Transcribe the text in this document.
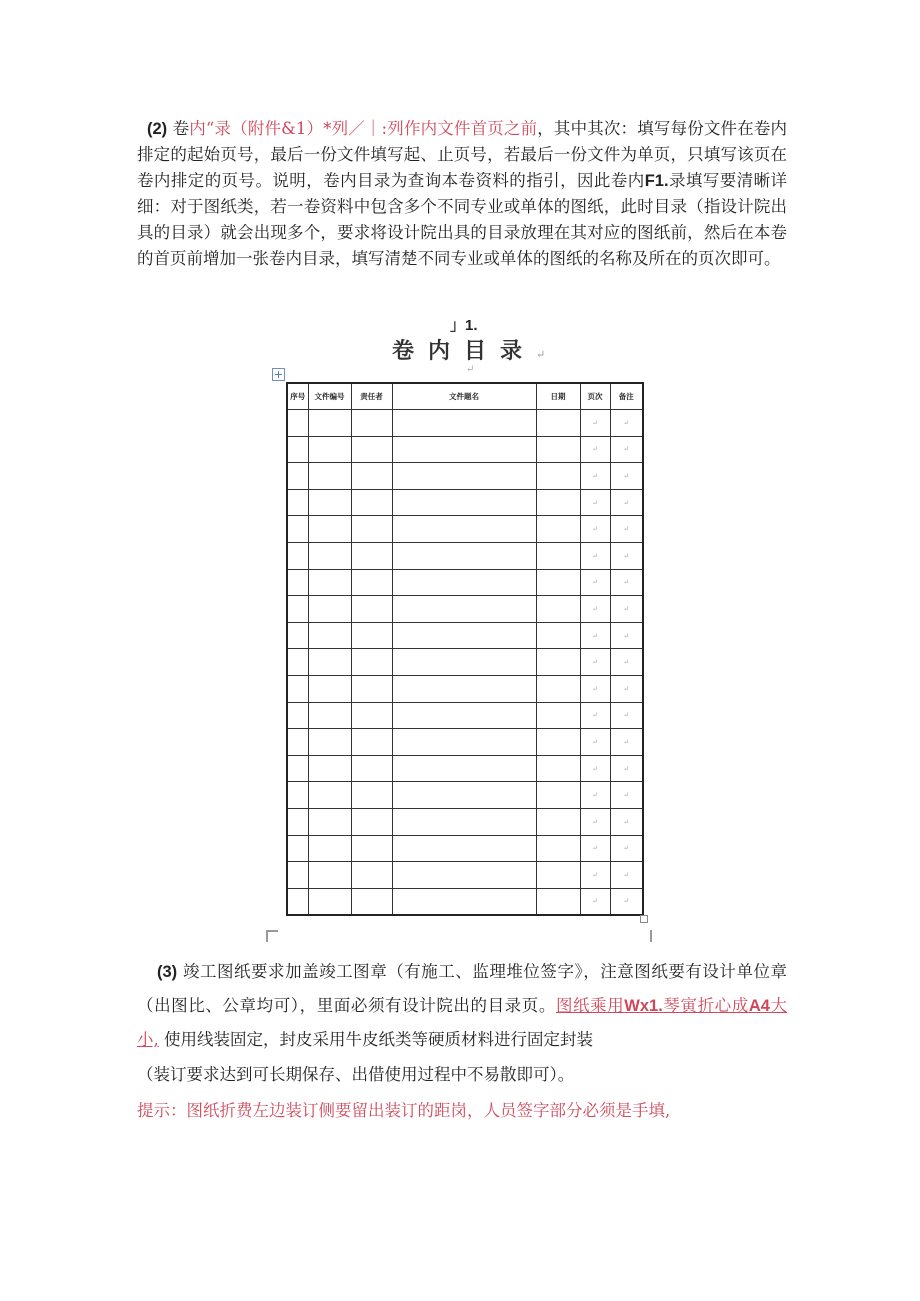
(2) 卷内“录（附件&1）*列／｜:列作内文件首页之前，其中其次：填写每份文件在卷内排定的起始页号，最后一份文件填写起、止页号，若最后一份文件为单页，只填写该页在卷内排定的页号。说明，卷内目录为查询本卷资料的指引，因此卷内F1.录填写要清晰详细：对于图纸类，若一卷资料中包含多个不同专业或单体的图纸，此时目录（指设计院出具的目录）就会出现多个，要求将设计院出具的目录放理在其对应的图纸前，然后在本卷的首页前增加一张卷内目录，填写清楚不同专业或单体的图纸的名称及所在的页次即可。
」1.
卷内目录↵
↵
+
序号	文件编号	责任者	文件题名	日期	页次	备注
					↵	↵
					↵	↵
					↵	↵
					↵	↵
					↵	↵
					↵	↵
					↵	↵
					↵	↵
					↵	↵
					↵	↵
					↵	↵
					↵	↵
					↵	↵
					↵	↵
					↵	↵
					↵	↵
					↵	↵
					↵	↵
					↵	↵
(3) 竣工图纸要求加盖竣工图章（有施工、监理堆位签字》，注意图纸要有设计单位章（出图比、公章均可），里面必须有设计院出的目录页。图纸乘用Wx1.琴寅折心成A4大小, 使用线装固定，封皮采用牛皮纸类等硬质材料进行固定封装
（装订要求达到可长期保存、出借使用过程中不易散即可）。
提示：图纸折费左边装订侧要留出装订的距岗，人员签字部分必须是手填,
